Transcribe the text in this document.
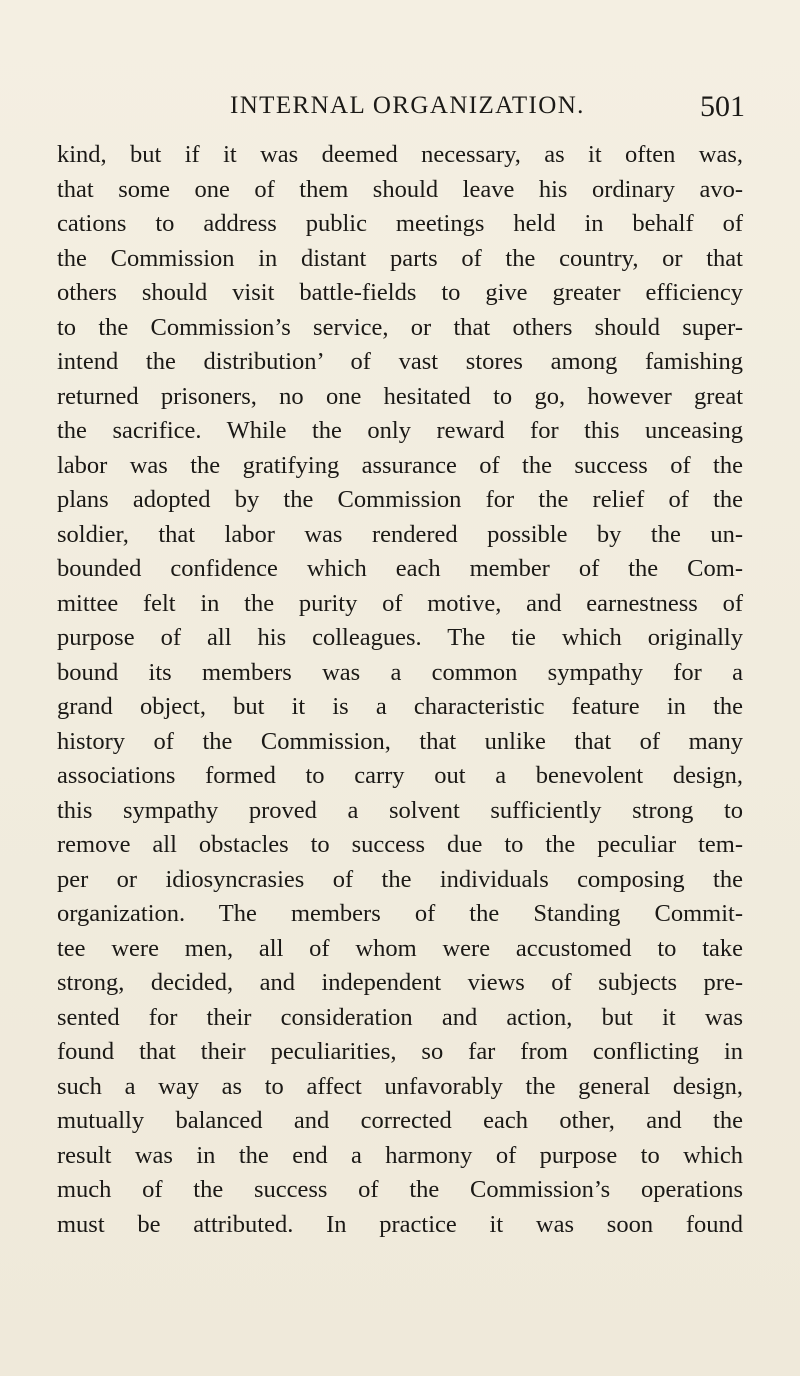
INTERNAL ORGANIZATION.	501
kind, but if it was deemed necessary, as it often was,
that some one of them should leave his ordinary avo-
cations to address public meetings held in behalf of
the Commission in distant parts of the country, or that
others should visit battle-fields to give greater efficiency
to the Commission’s service, or that others should super-
intend the distribution’ of vast stores among famishing
returned prisoners, no one hesitated to go, however great
the sacrifice. While the only reward for this unceasing
labor was the gratifying assurance of the success of the
plans adopted by the Commission for the relief of the
soldier, that labor was rendered possible by the un-
bounded confidence which each member of the Com-
mittee felt in the purity of motive, and earnestness of
purpose of all his colleagues. The tie which originally
bound its members was a common sympathy for a
grand object, but it is a characteristic feature in the
history of the Commission, that unlike that of many
associations formed to carry out a benevolent design,
this sympathy proved a solvent sufficiently strong to
remove all obstacles to success due to the peculiar tem-
per or idiosyncrasies of the individuals composing the
organization. The members of the Standing Commit-
tee were men, all of whom were accustomed to take
strong, decided, and independent views of subjects pre-
sented for their consideration and action, but it was
found that their peculiarities, so far from conflicting in
such a way as to affect unfavorably the general design,
mutually balanced and corrected each other, and the
result was in the end a harmony of purpose to which
much of the success of the Commission’s operations
must be attributed. In practice it was soon found
